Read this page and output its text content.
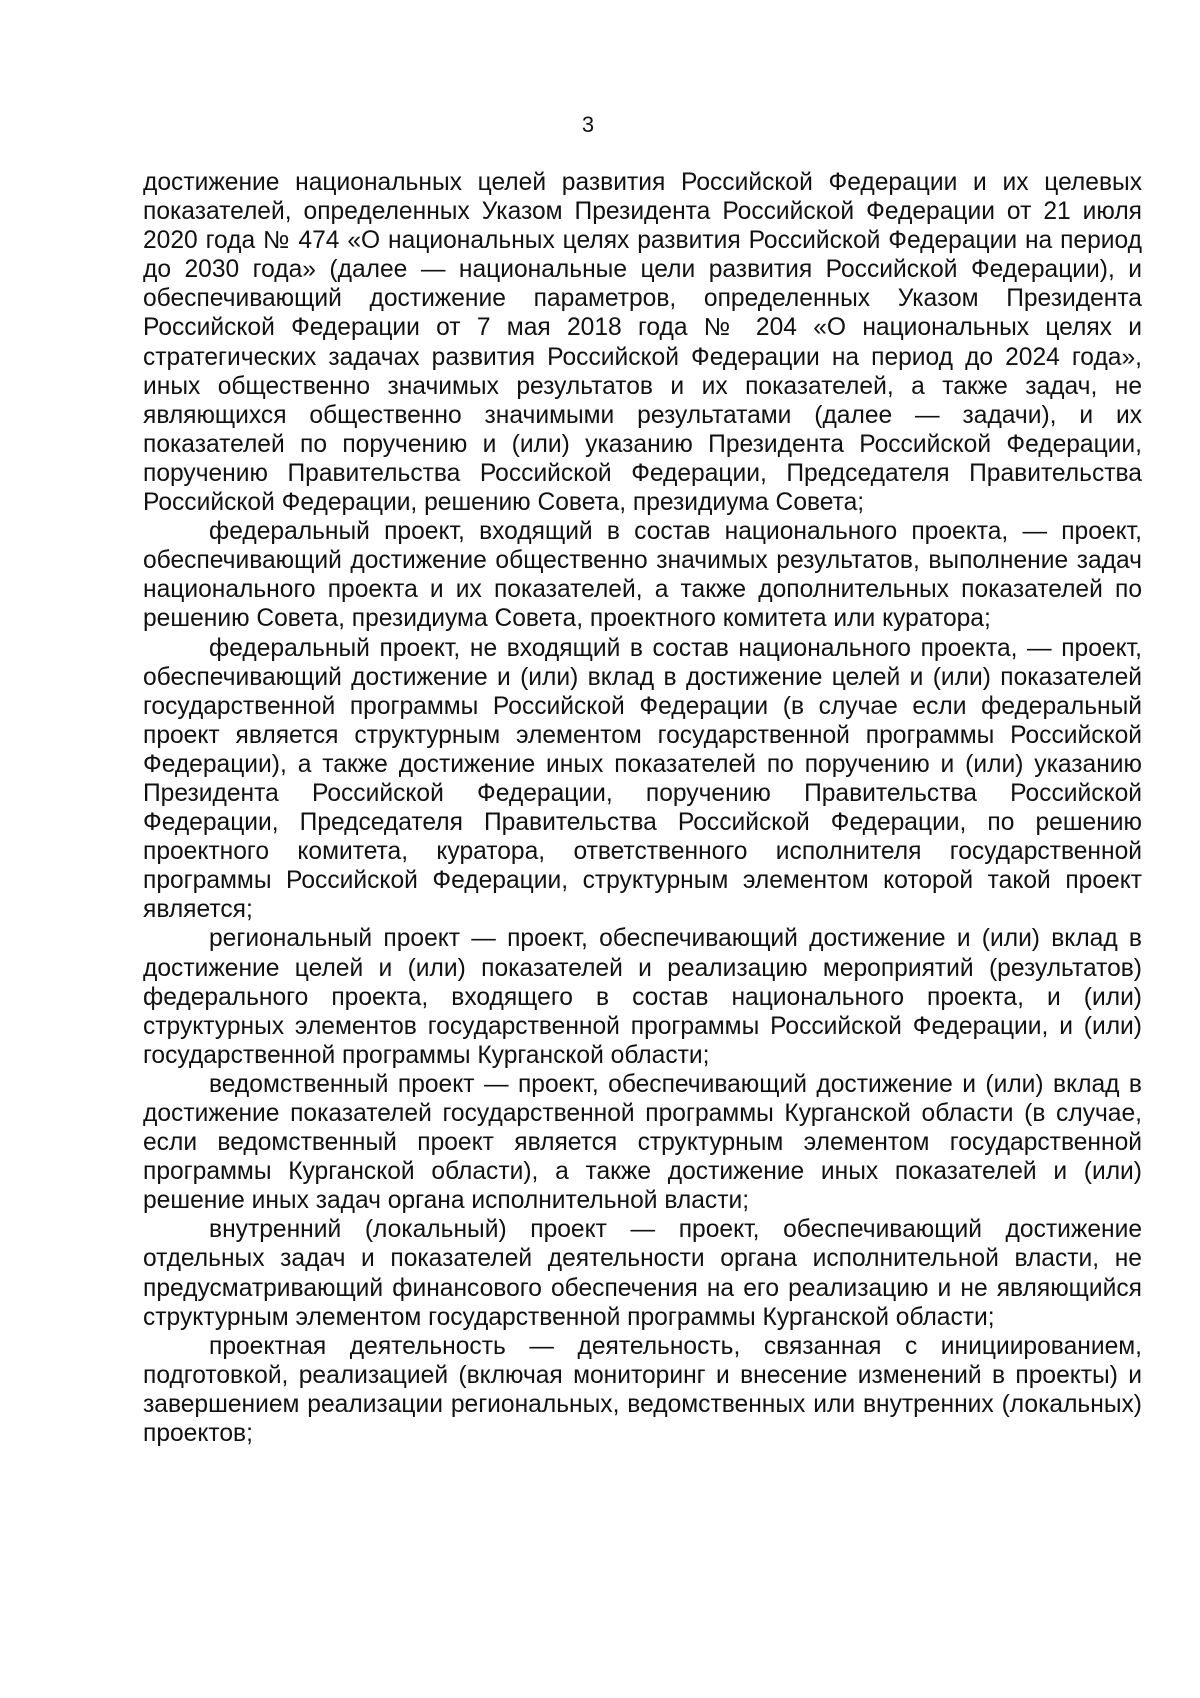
3

достижение национальных целей развития Российской Федерации и их целевых показателей, определенных Указом Президента Российской Федерации от 21 июля 2020 года № 474 «О национальных целях развития Российской Федерации на период до 2030 года» (далее — национальные цели развития Российской Федерации), и обеспечивающий достижение параметров, определенных Указом Президента Российской Федерации от 7 мая 2018 года № 204 «О национальных целях и стратегических задачах развития Российской Федерации на период до 2024 года», иных общественно значимых результатов и их показателей, а также задач, не являющихся общественно значимыми результатами (далее — задачи), и их показателей по поручению и (или) указанию Президента Российской Федерации, поручению Правительства Российской Федерации, Председателя Правительства Российской Федерации, решению Совета, президиума Совета;

федеральный проект, входящий в состав национального проекта, — проект, обеспечивающий достижение общественно значимых результатов, выполнение задач национального проекта и их показателей, а также дополнительных показателей по решению Совета, президиума Совета, проектного комитета или куратора;

федеральный проект, не входящий в состав национального проекта, — проект, обеспечивающий достижение и (или) вклад в достижение целей и (или) показателей государственной программы Российской Федерации (в случае если федеральный проект является структурным элементом государственной программы Российской Федерации), а также достижение иных показателей по поручению и (или) указанию Президента Российской Федерации, поручению Правительства Российской Федерации, Председателя Правительства Российской Федерации, по решению проектного комитета, куратора, ответственного исполнителя государственной программы Российской Федерации, структурным элементом которой такой проект является;

региональный проект — проект, обеспечивающий достижение и (или) вклад в достижение целей и (или) показателей и реализацию мероприятий (результатов) федерального проекта, входящего в состав национального проекта, и (или) структурных элементов государственной программы Российской Федерации, и (или) государственной программы Курганской области;

ведомственный проект — проект, обеспечивающий достижение и (или) вклад в достижение показателей государственной программы Курганской области (в случае, если ведомственный проект является структурным элементом государственной программы Курганской области), а также достижение иных показателей и (или) решение иных задач органа исполнительной власти;

внутренний (локальный) проект — проект, обеспечивающий достижение отдельных задач и показателей деятельности органа исполнительной власти, не предусматривающий финансового обеспечения на его реализацию и не являющийся структурным элементом государственной программы Курганской области;

проектная деятельность — деятельность, связанная с инициированием, подготовкой, реализацией (включая мониторинг и внесение изменений в проекты) и завершением реализации региональных, ведомственных или внутренних (локальных) проектов;
